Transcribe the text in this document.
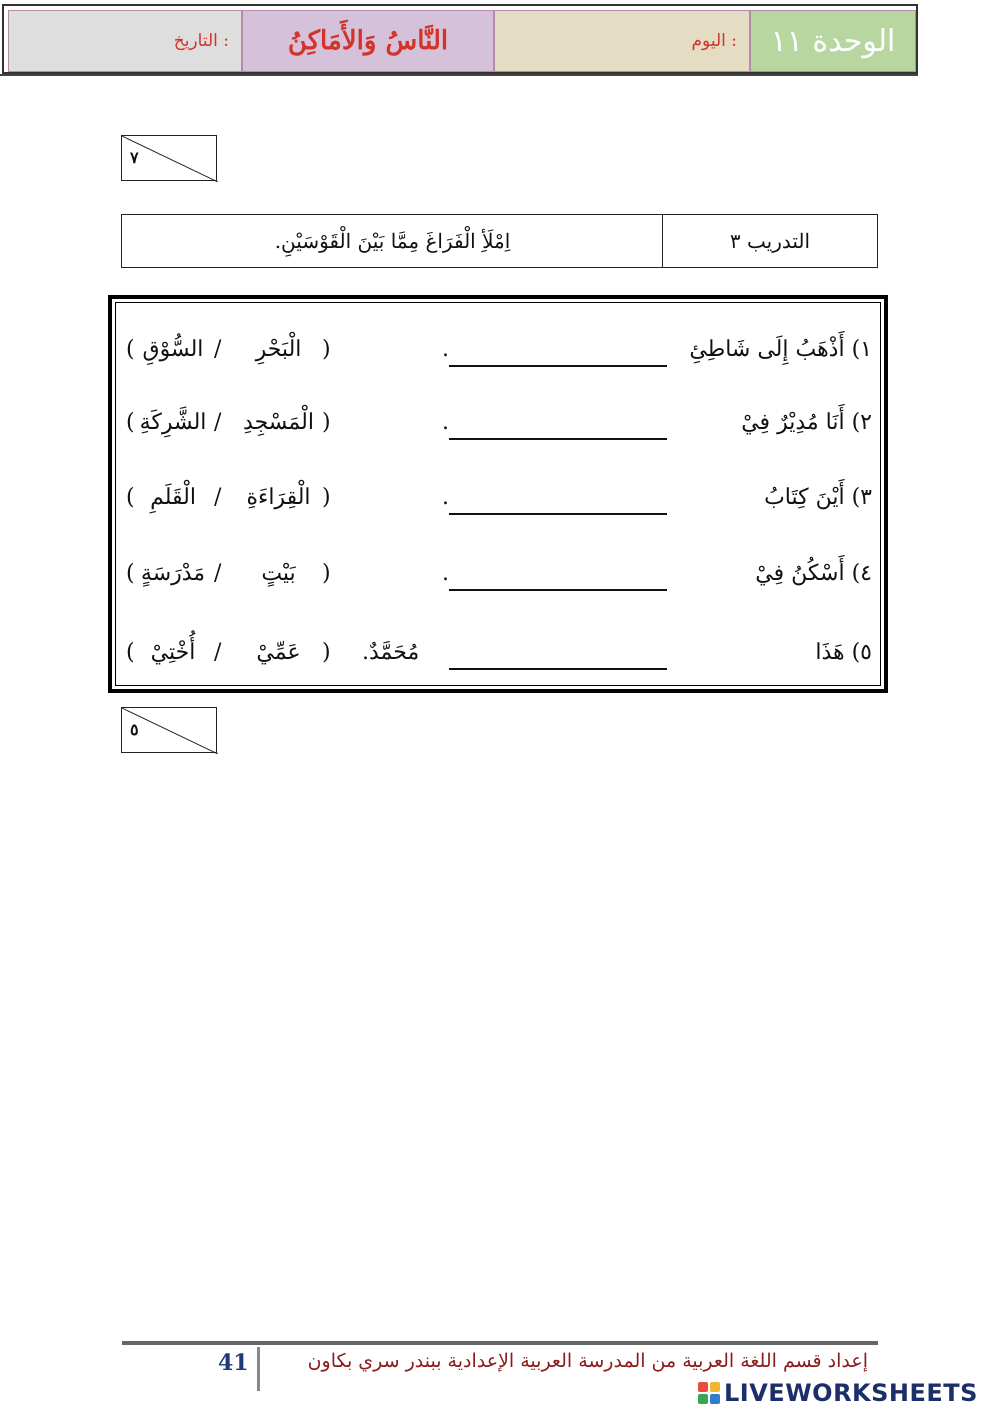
الوحدة ١١
اليوم :
النَّاسُ وَالأَمَاكِنُ
التاريخ :
٧
التدريب ٣
اِمْلَأِ الْفَرَاغَ مِمَّا بَيْنَ الْقَوْسَيْنِ.
١) أَذْهَبُ إِلَى شَاطِئِ
.
)
الْبَحْرِ
/
السُّوْقِ
(
٢) أَنَا مُدِيْرٌ فِيْ
.
)
الْمَسْجِدِ
/
الشَّرِكَةِ
(
٣) أَيْنَ كِتَابُ
.
)
الْقِرَاءَةِ
/
الْقَلَمِ
(
٤) أَسْكُنُ فِيْ
.
)
بَيْتٍ
/
مَدْرَسَةٍ
(
٥) هَذَا
مُحَمَّدٌ.
)
عَمِّيْ
/
أُخْتِيْ
(
٥
41	إعداد قسم اللغة العربية من المدرسة العربية الإعدادية ببندر سري بكاون
LIVEWORKSHEETS
